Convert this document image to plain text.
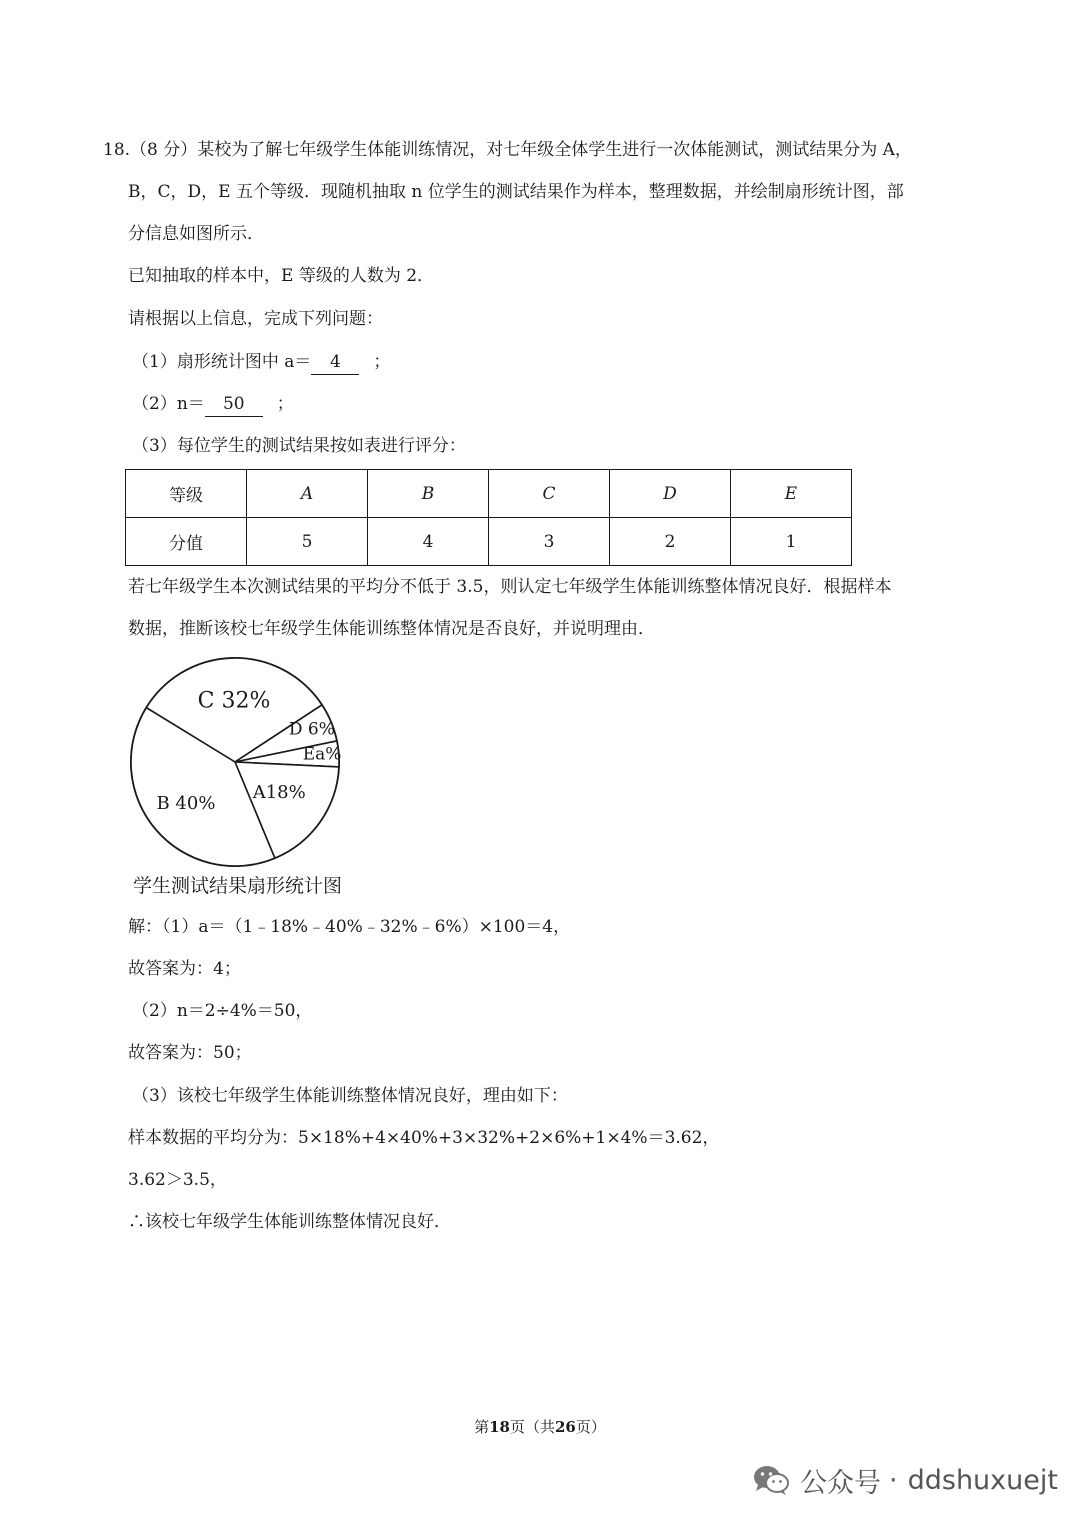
18.（8 分）某校为了解七年级学生体能训练情况，对七年级全体学生进行一次体能测试，测试结果分为 A，
B，C，D，E 五个等级．现随机抽取 n 位学生的测试结果作为样本，整理数据，并绘制扇形统计图，部
分信息如图所示．
已知抽取的样本中，E 等级的人数为 2．
请根据以上信息，完成下列问题：
（1）扇形统计图中 a＝ 4 ；
（2）n＝ 50 ；
（3）每位学生的测试结果按如表进行评分：
等级	A	B	C	D	E
分值	5	4	3	2	1
若七年级学生本次测试结果的平均分不低于 3.5，则认定七年级学生体能训练整体情况良好．根据样本
数据，推断该校七年级学生体能训练整体情况是否良好，并说明理由．
C 32%
D 6%
Ea%
A18%
B 40%
学生测试结果扇形统计图
解：（1）a＝（1﹣18%﹣40%﹣32%﹣6%）×100＝4，
故答案为：4；
（2）n＝2÷4%＝50，
故答案为：50；
（3）该校七年级学生体能训练整体情况良好，理由如下：
样本数据的平均分为：5×18%+4×40%+3×32%+2×6%+1×4%＝3.62，
3.62＞3.5，
∴该校七年级学生体能训练整体情况良好．
第18页（共26页）
公众号 · ddshuxuejt
